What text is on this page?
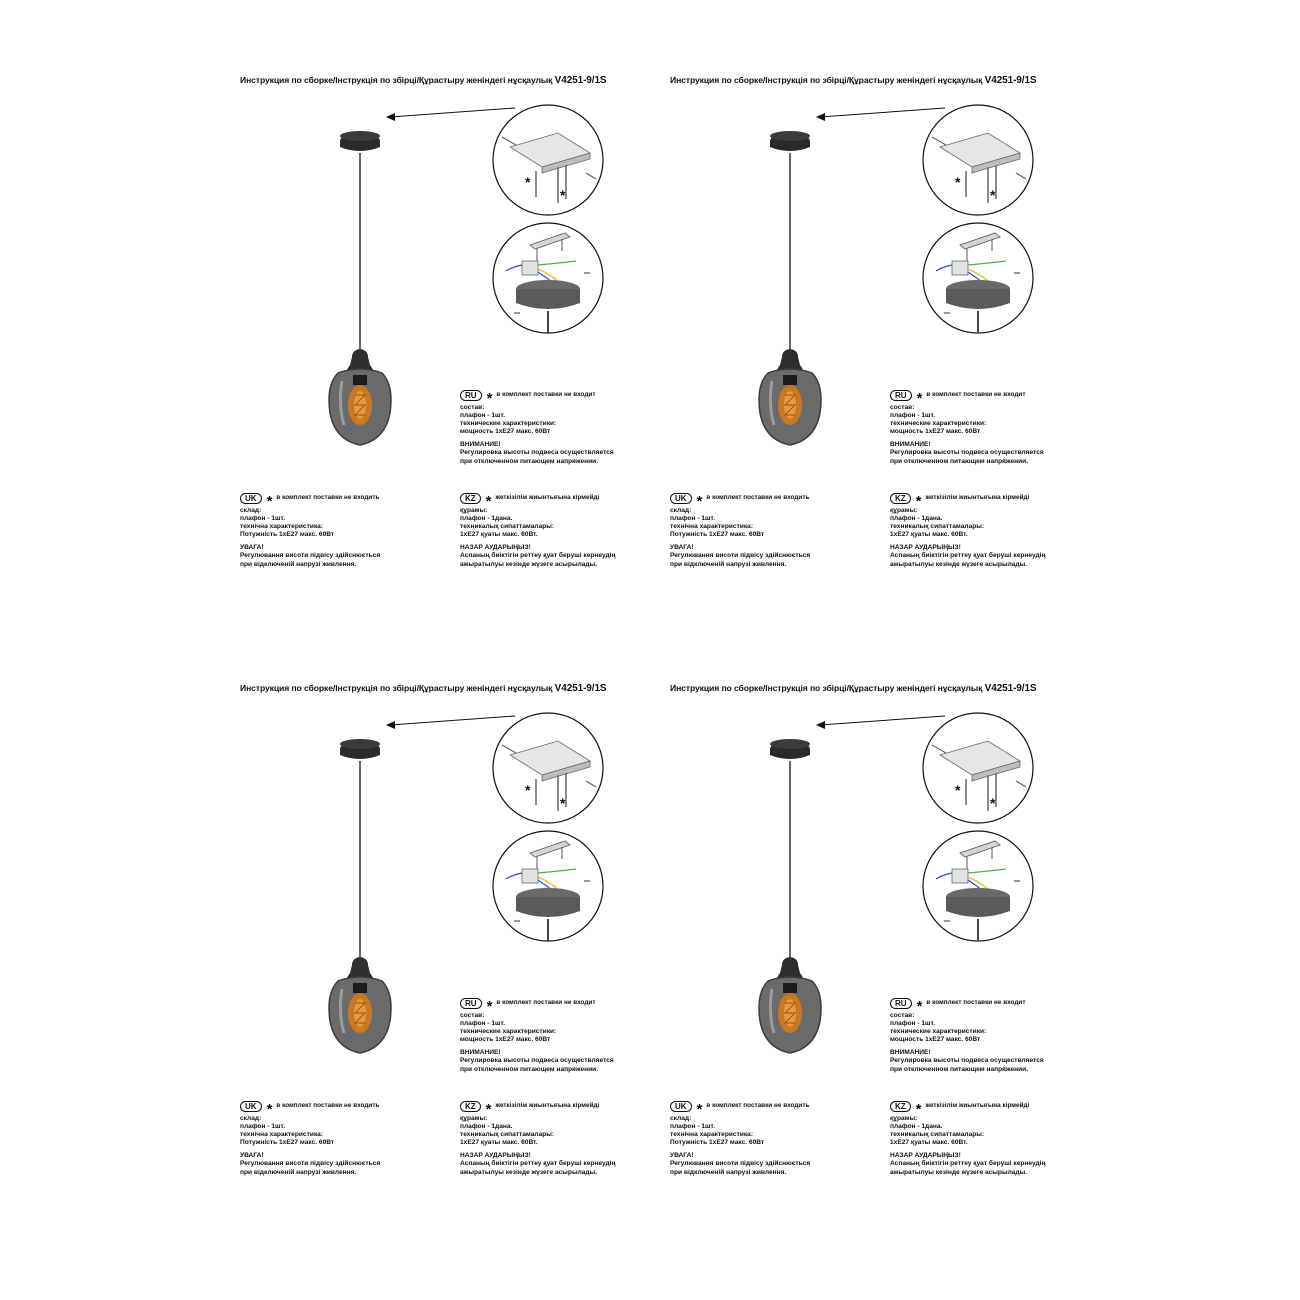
Инструкция по сборке/Інструкція по збірці/Құрастыру женіндегі нұсқаулық V4251-9/1S
*
*
RU * в комплект поставки не входит
состав:
плафон - 1шт.
технические характеристики:
мощность 1xE27 макс. 60Вт
ВНИМАНИЕ!
Регулировка высоты подвеса осуществляется
при отключенном питающем напряжении.
UK * в комплект поставки не входить
склад:
плафон - 1шт.
технічна характеристика:
Потужність 1xE27 макс. 60Вт
УВАГА!
Регулювання висоти підвісу здійснюється
при відключеній напрузі живлення.
KZ * жеткізілім жиынтығына кірмейді
құрамы:
плафон - 1дана.
техникалық сипаттамалары:
1xE27 қуаты макс. 60Вт.
НАЗАР АУДАРЫҢЫЗ!
Аспаның биіктігін реттеу қуат беруші кернеудің
ажыратылуы кезінде жүзеге асырылады.
Инструкция по сборке/Інструкція по збірці/Құрастыру женіндегі нұсқаулық V4251-9/1S
*
*
RU * в комплект поставки не входит
состав:
плафон - 1шт.
технические характеристики:
мощность 1xE27 макс. 60Вт
ВНИМАНИЕ!
Регулировка высоты подвеса осуществляется
при отключенном питающем напряжении.
UK * в комплект поставки не входить
склад:
плафон - 1шт.
технічна характеристика:
Потужність 1xE27 макс. 60Вт
УВАГА!
Регулювання висоти підвісу здійснюється
при відключеній напрузі живлення.
KZ * жеткізілім жиынтығына кірмейді
құрамы:
плафон - 1дана.
техникалық сипаттамалары:
1xE27 қуаты макс. 60Вт.
НАЗАР АУДАРЫҢЫЗ!
Аспаның биіктігін реттеу қуат беруші кернеудің
ажыратылуы кезінде жүзеге асырылады.
Инструкция по сборке/Інструкція по збірці/Құрастыру женіндегі нұсқаулық V4251-9/1S
*
*
RU * в комплект поставки не входит
состав:
плафон - 1шт.
технические характеристики:
мощность 1xE27 макс. 60Вт
ВНИМАНИЕ!
Регулировка высоты подвеса осуществляется
при отключенном питающем напряжении.
UK * в комплект поставки не входить
склад:
плафон - 1шт.
технічна характеристика:
Потужність 1xE27 макс. 60Вт
УВАГА!
Регулювання висоти підвісу здійснюється
при відключеній напрузі живлення.
KZ * жеткізілім жиынтығына кірмейді
құрамы:
плафон - 1дана.
техникалық сипаттамалары:
1xE27 қуаты макс. 60Вт.
НАЗАР АУДАРЫҢЫЗ!
Аспаның биіктігін реттеу қуат беруші кернеудің
ажыратылуы кезінде жүзеге асырылады.
Инструкция по сборке/Інструкція по збірці/Құрастыру женіндегі нұсқаулық V4251-9/1S
*
*
RU * в комплект поставки не входит
состав:
плафон - 1шт.
технические характеристики:
мощность 1xE27 макс. 60Вт
ВНИМАНИЕ!
Регулировка высоты подвеса осуществляется
при отключенном питающем напряжении.
UK * в комплект поставки не входить
склад:
плафон - 1шт.
технічна характеристика:
Потужність 1xE27 макс. 60Вт
УВАГА!
Регулювання висоти підвісу здійснюється
при відключеній напрузі живлення.
KZ * жеткізілім жиынтығына кірмейді
құрамы:
плафон - 1дана.
техникалық сипаттамалары:
1xE27 қуаты макс. 60Вт.
НАЗАР АУДАРЫҢЫЗ!
Аспаның биіктігін реттеу қуат беруші кернеудің
ажыратылуы кезінде жүзеге асырылады.
